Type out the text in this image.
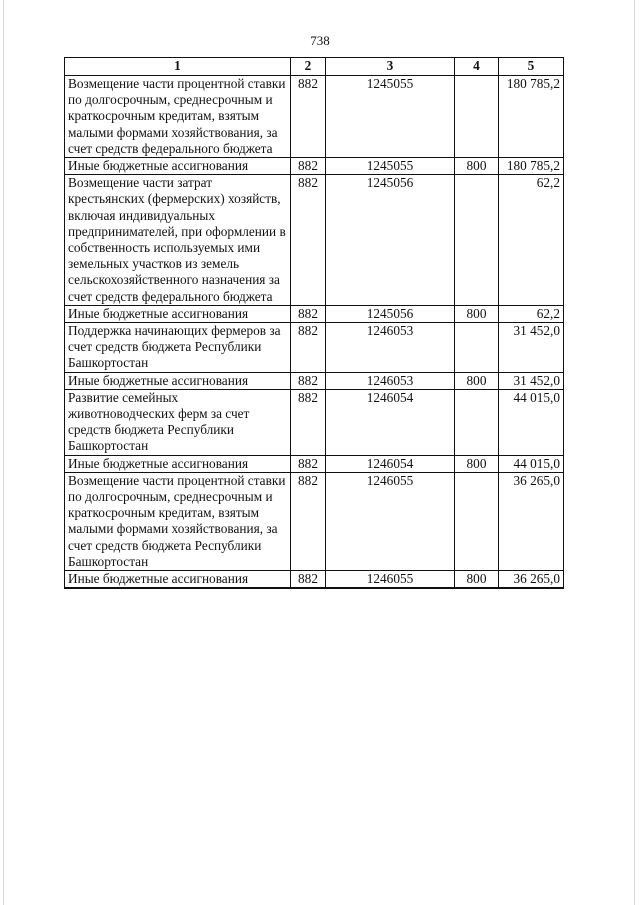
738
1	2	3	4	5
Возмещение части процентной ставки по долгосрочным, среднесрочным и краткосрочным кредитам, взятым малыми формами хозяйствования, за счет средств федерального бюджета	882	1245055		180 785,2
Иные бюджетные ассигнования	882	1245055	800	180 785,2
Возмещение части затрат крестьянских (фермерских) хозяйств, включая индивидуальных предпринимателей, при оформлении в собственность используемых ими земельных участков из земель сельскохозяйственного назначения за счет средств федерального бюджета	882	1245056		62,2
Иные бюджетные ассигнования	882	1245056	800	62,2
Поддержка начинающих фермеров за счет средств бюджета Республики Башкортостан	882	1246053		31 452,0
Иные бюджетные ассигнования	882	1246053	800	31 452,0
Развитие семейных животноводческих ферм за счет средств бюджета Республики Башкортостан	882	1246054		44 015,0
Иные бюджетные ассигнования	882	1246054	800	44 015,0
Возмещение части процентной ставки по долгосрочным, среднесрочным и краткосрочным кредитам, взятым малыми формами хозяйствования, за счет средств бюджета Республики Башкортостан	882	1246055		36 265,0
Иные бюджетные ассигнования	882	1246055	800	36 265,0
